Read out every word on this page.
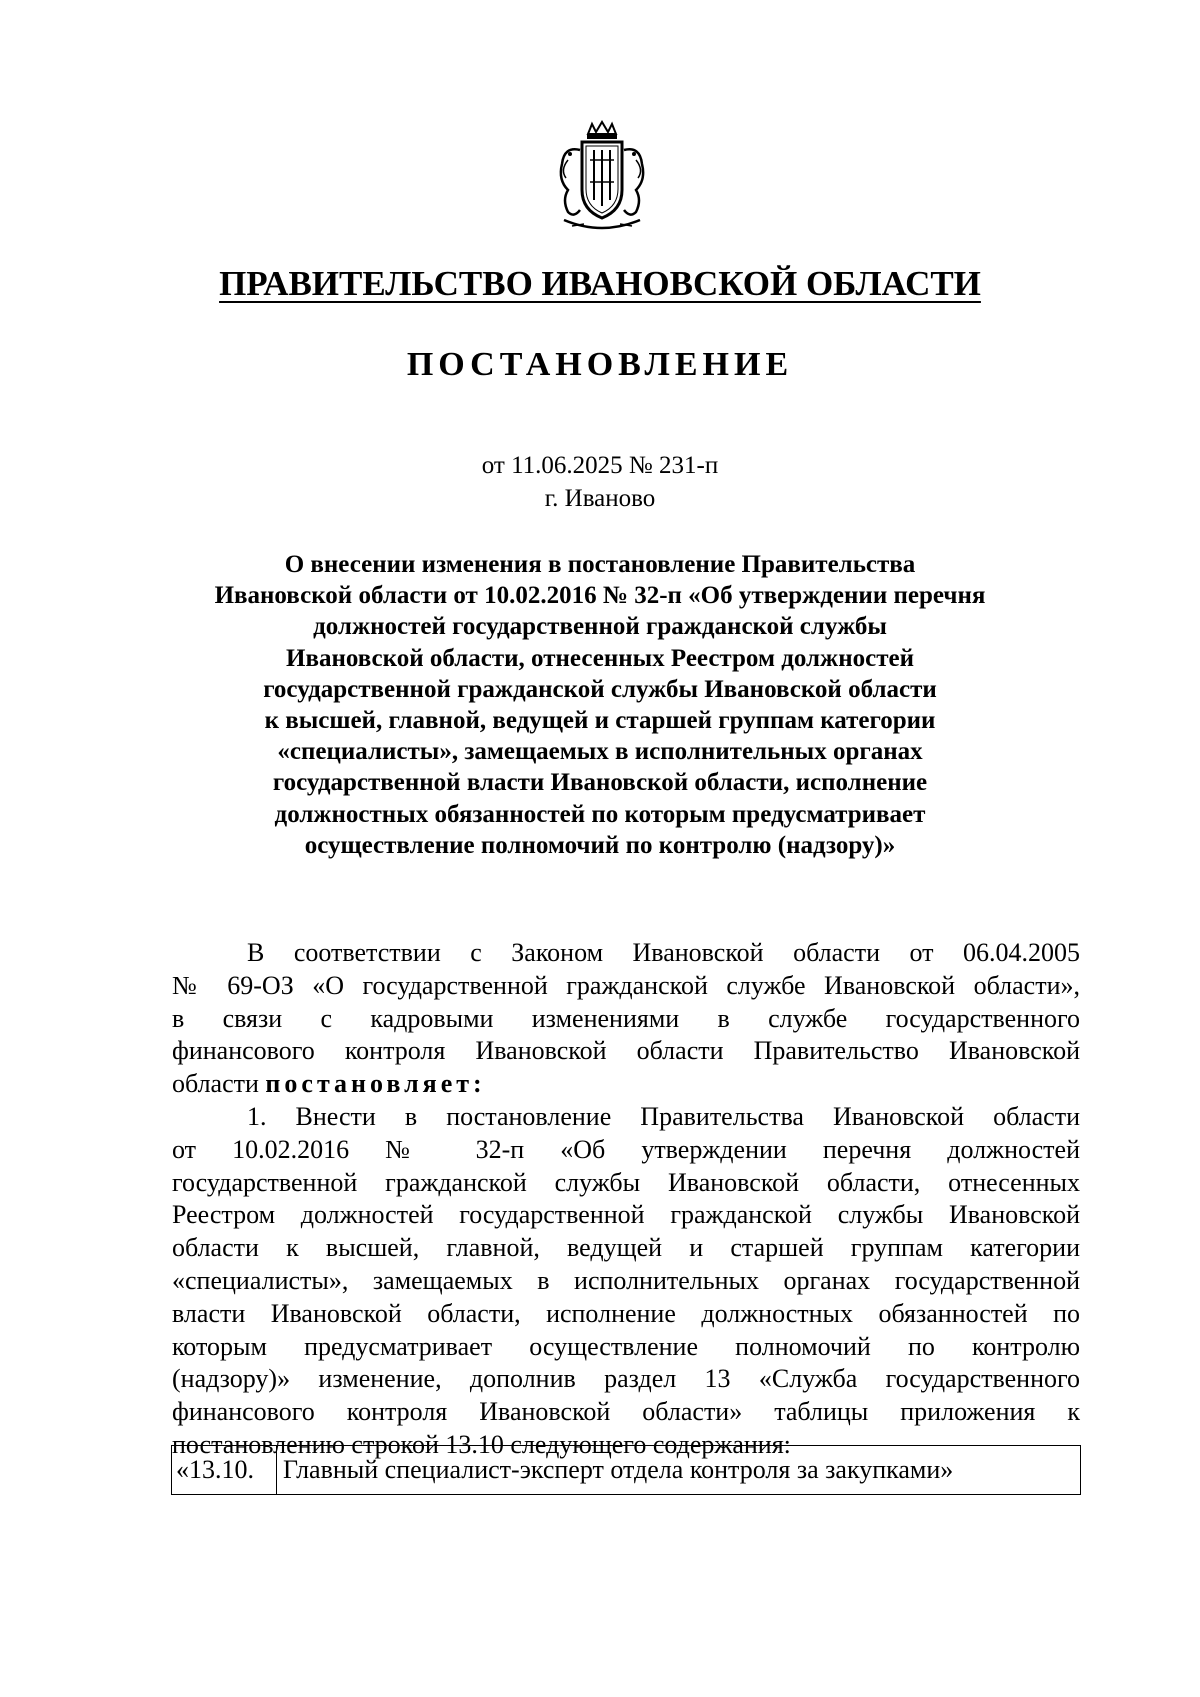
ПРАВИТЕЛЬСТВО ИВАНОВСКОЙ ОБЛАСТИ
ПОСТАНОВЛЕНИЕ
от 11.06.2025 № 231-п
г. Иваново
О внесении изменения в постановление Правительства
Ивановской области от 10.02.2016 № 32-п «Об утверждении перечня
должностей государственной гражданской службы
Ивановской области, отнесенных Реестром должностей
государственной гражданской службы Ивановской области
к высшей, главной, ведущей и старшей группам категории
«специалисты», замещаемых в исполнительных органах
государственной власти Ивановской области, исполнение
должностных обязанностей по которым предусматривает
осуществление полномочий по контролю (надзору)»
В соответствии с Законом Ивановской области от 06.04.2005
№ 69-ОЗ «О государственной гражданской службе Ивановской области»,
в связи с кадровыми изменениями в службе государственного
финансового контроля Ивановской области Правительство Ивановской
области постановляет:
1. Внести в постановление Правительства Ивановской области
от 10.02.2016 № 32-п «Об утверждении перечня должностей
государственной гражданской службы Ивановской области, отнесенных
Реестром должностей государственной гражданской службы Ивановской
области к высшей, главной, ведущей и старшей группам категории
«специалисты», замещаемых в исполнительных органах государственной
власти Ивановской области, исполнение должностных обязанностей по
которым предусматривает осуществление полномочий по контролю
(надзору)» изменение, дополнив раздел 13 «Служба государственного
финансового контроля Ивановской области» таблицы приложения к
постановлению строкой 13.10 следующего содержания:
«13.10.	Главный специалист-эксперт отдела контроля за закупками»
